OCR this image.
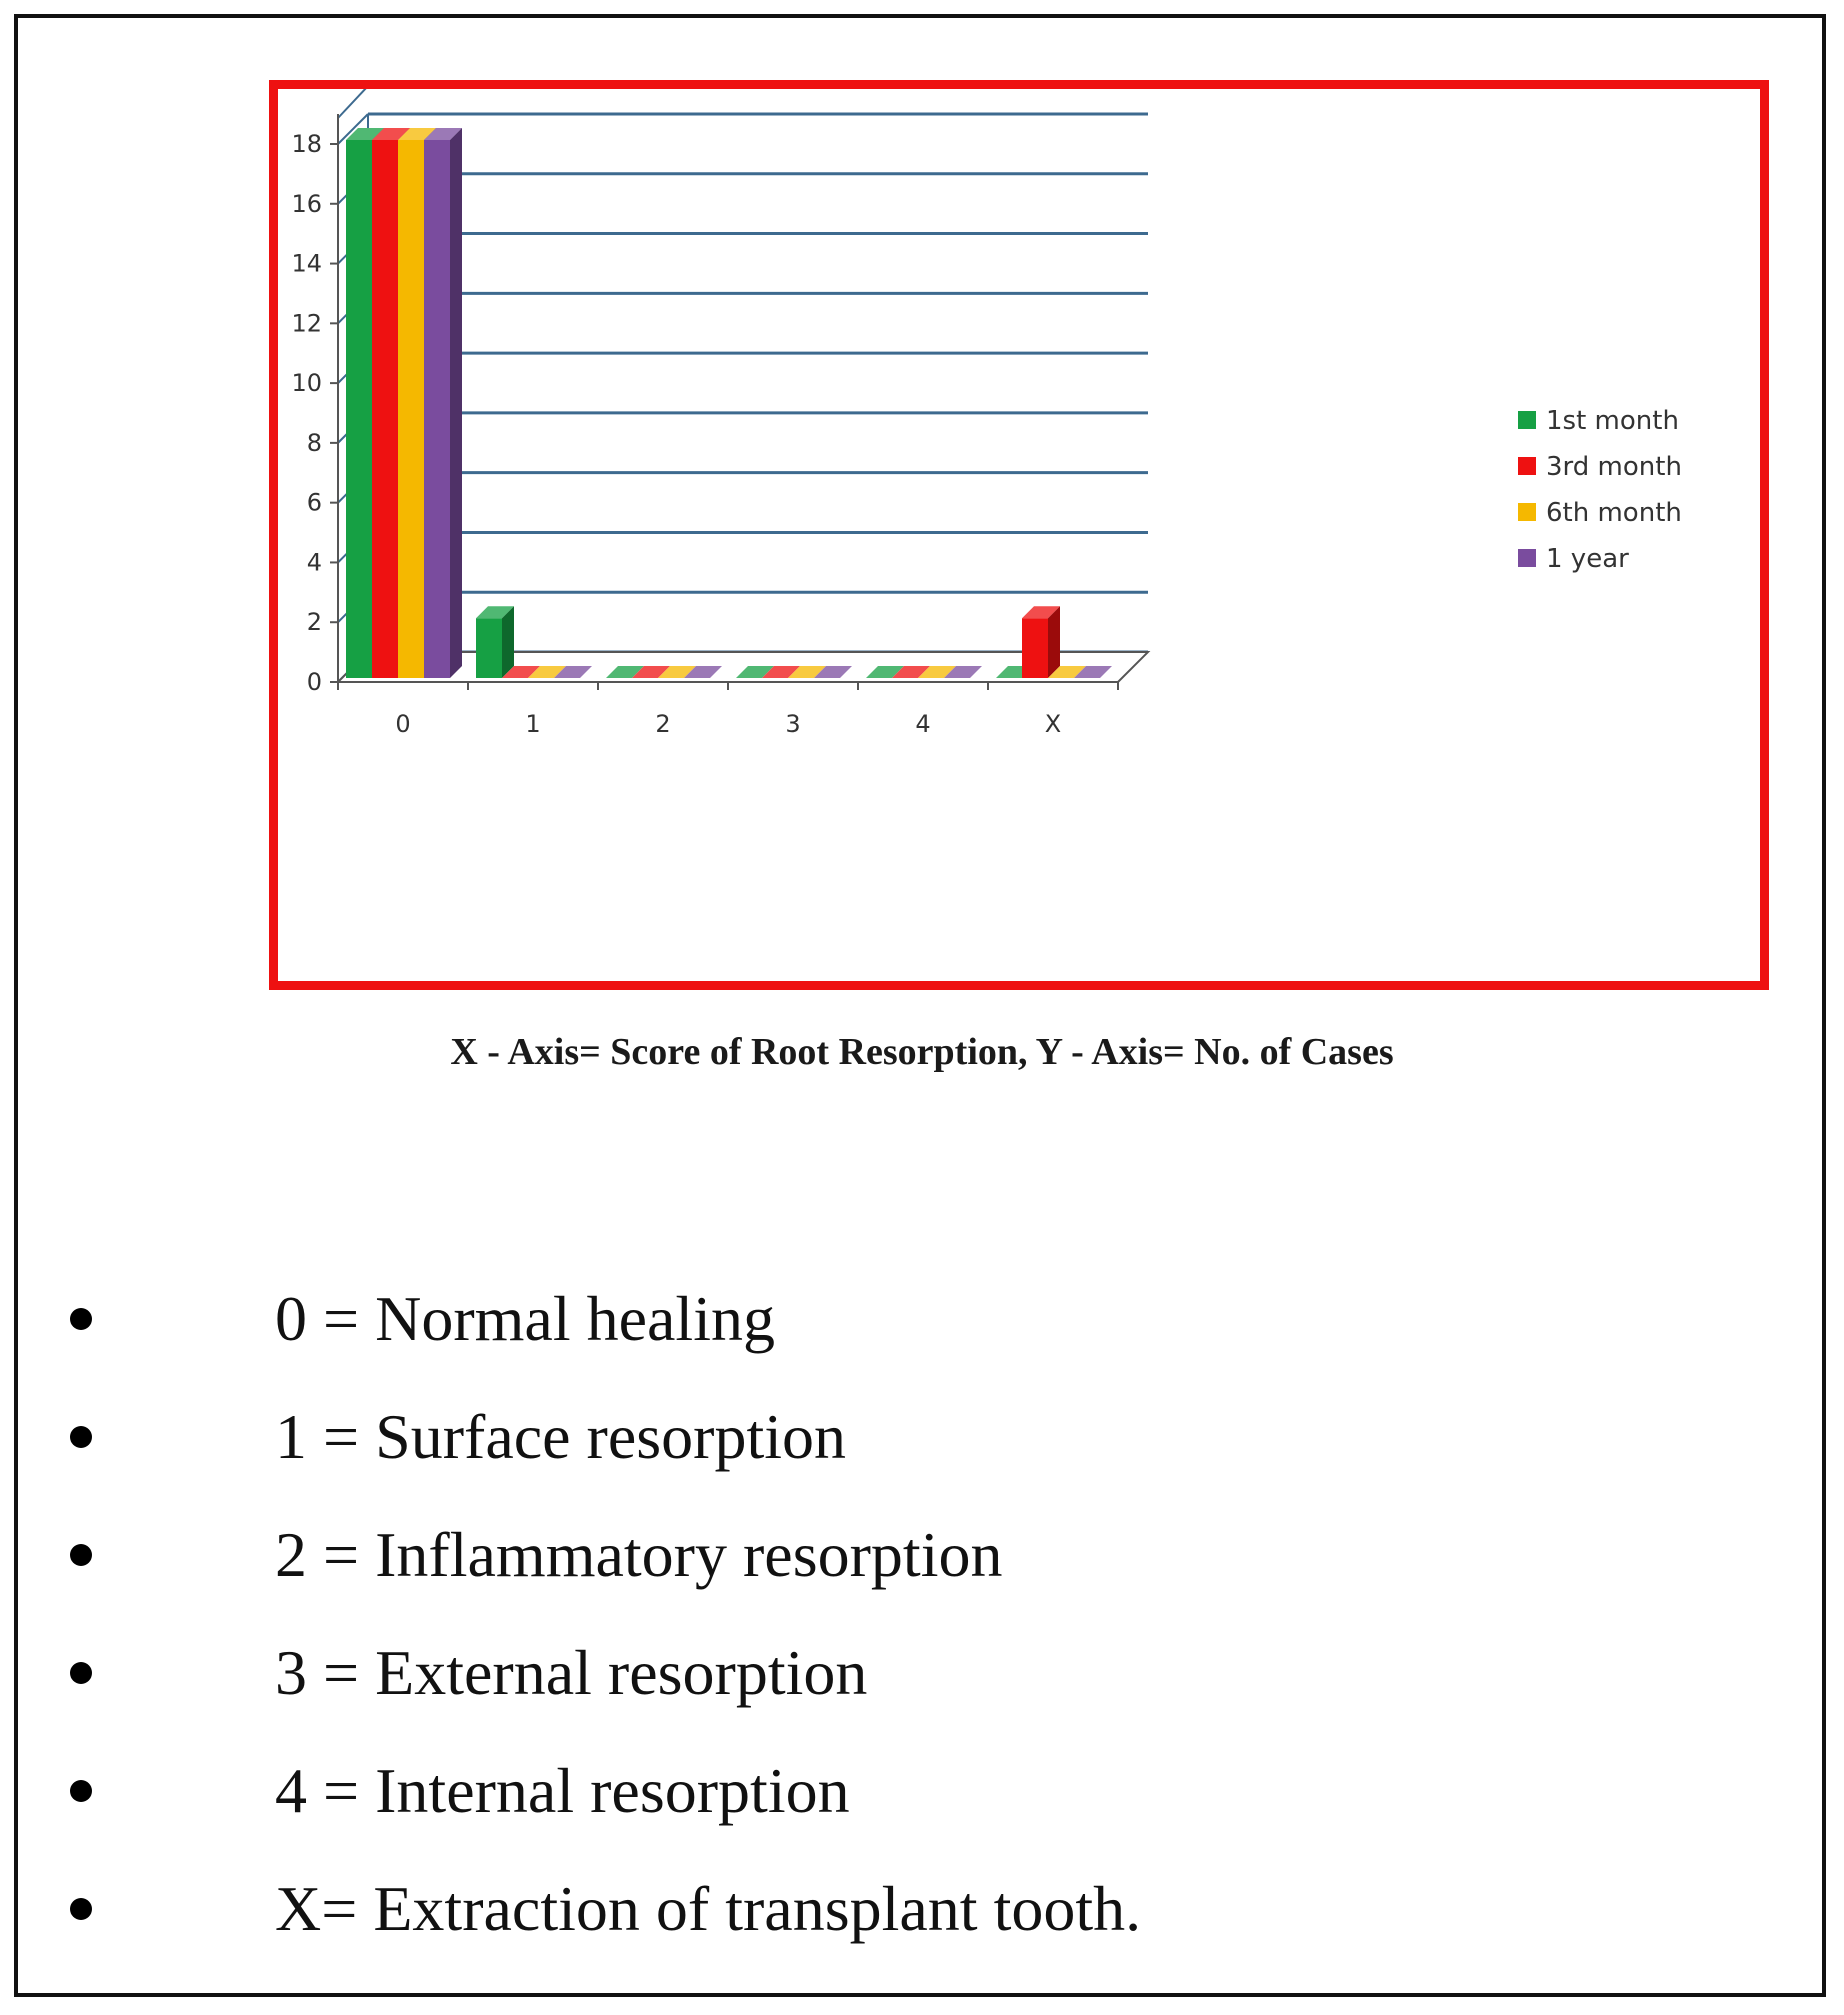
0
2
4
6
8
10
12
14
16
18
0	1	2	3	4	X
1st month
3rd month
6th month
1 year
X - Axis= Score of Root Resorption, Y - Axis= No. of Cases
0 = Normal healing
1 = Surface resorption
2 = Inflammatory resorption
3 = External resorption
4 = Internal resorption
X= Extraction of transplant tooth.
